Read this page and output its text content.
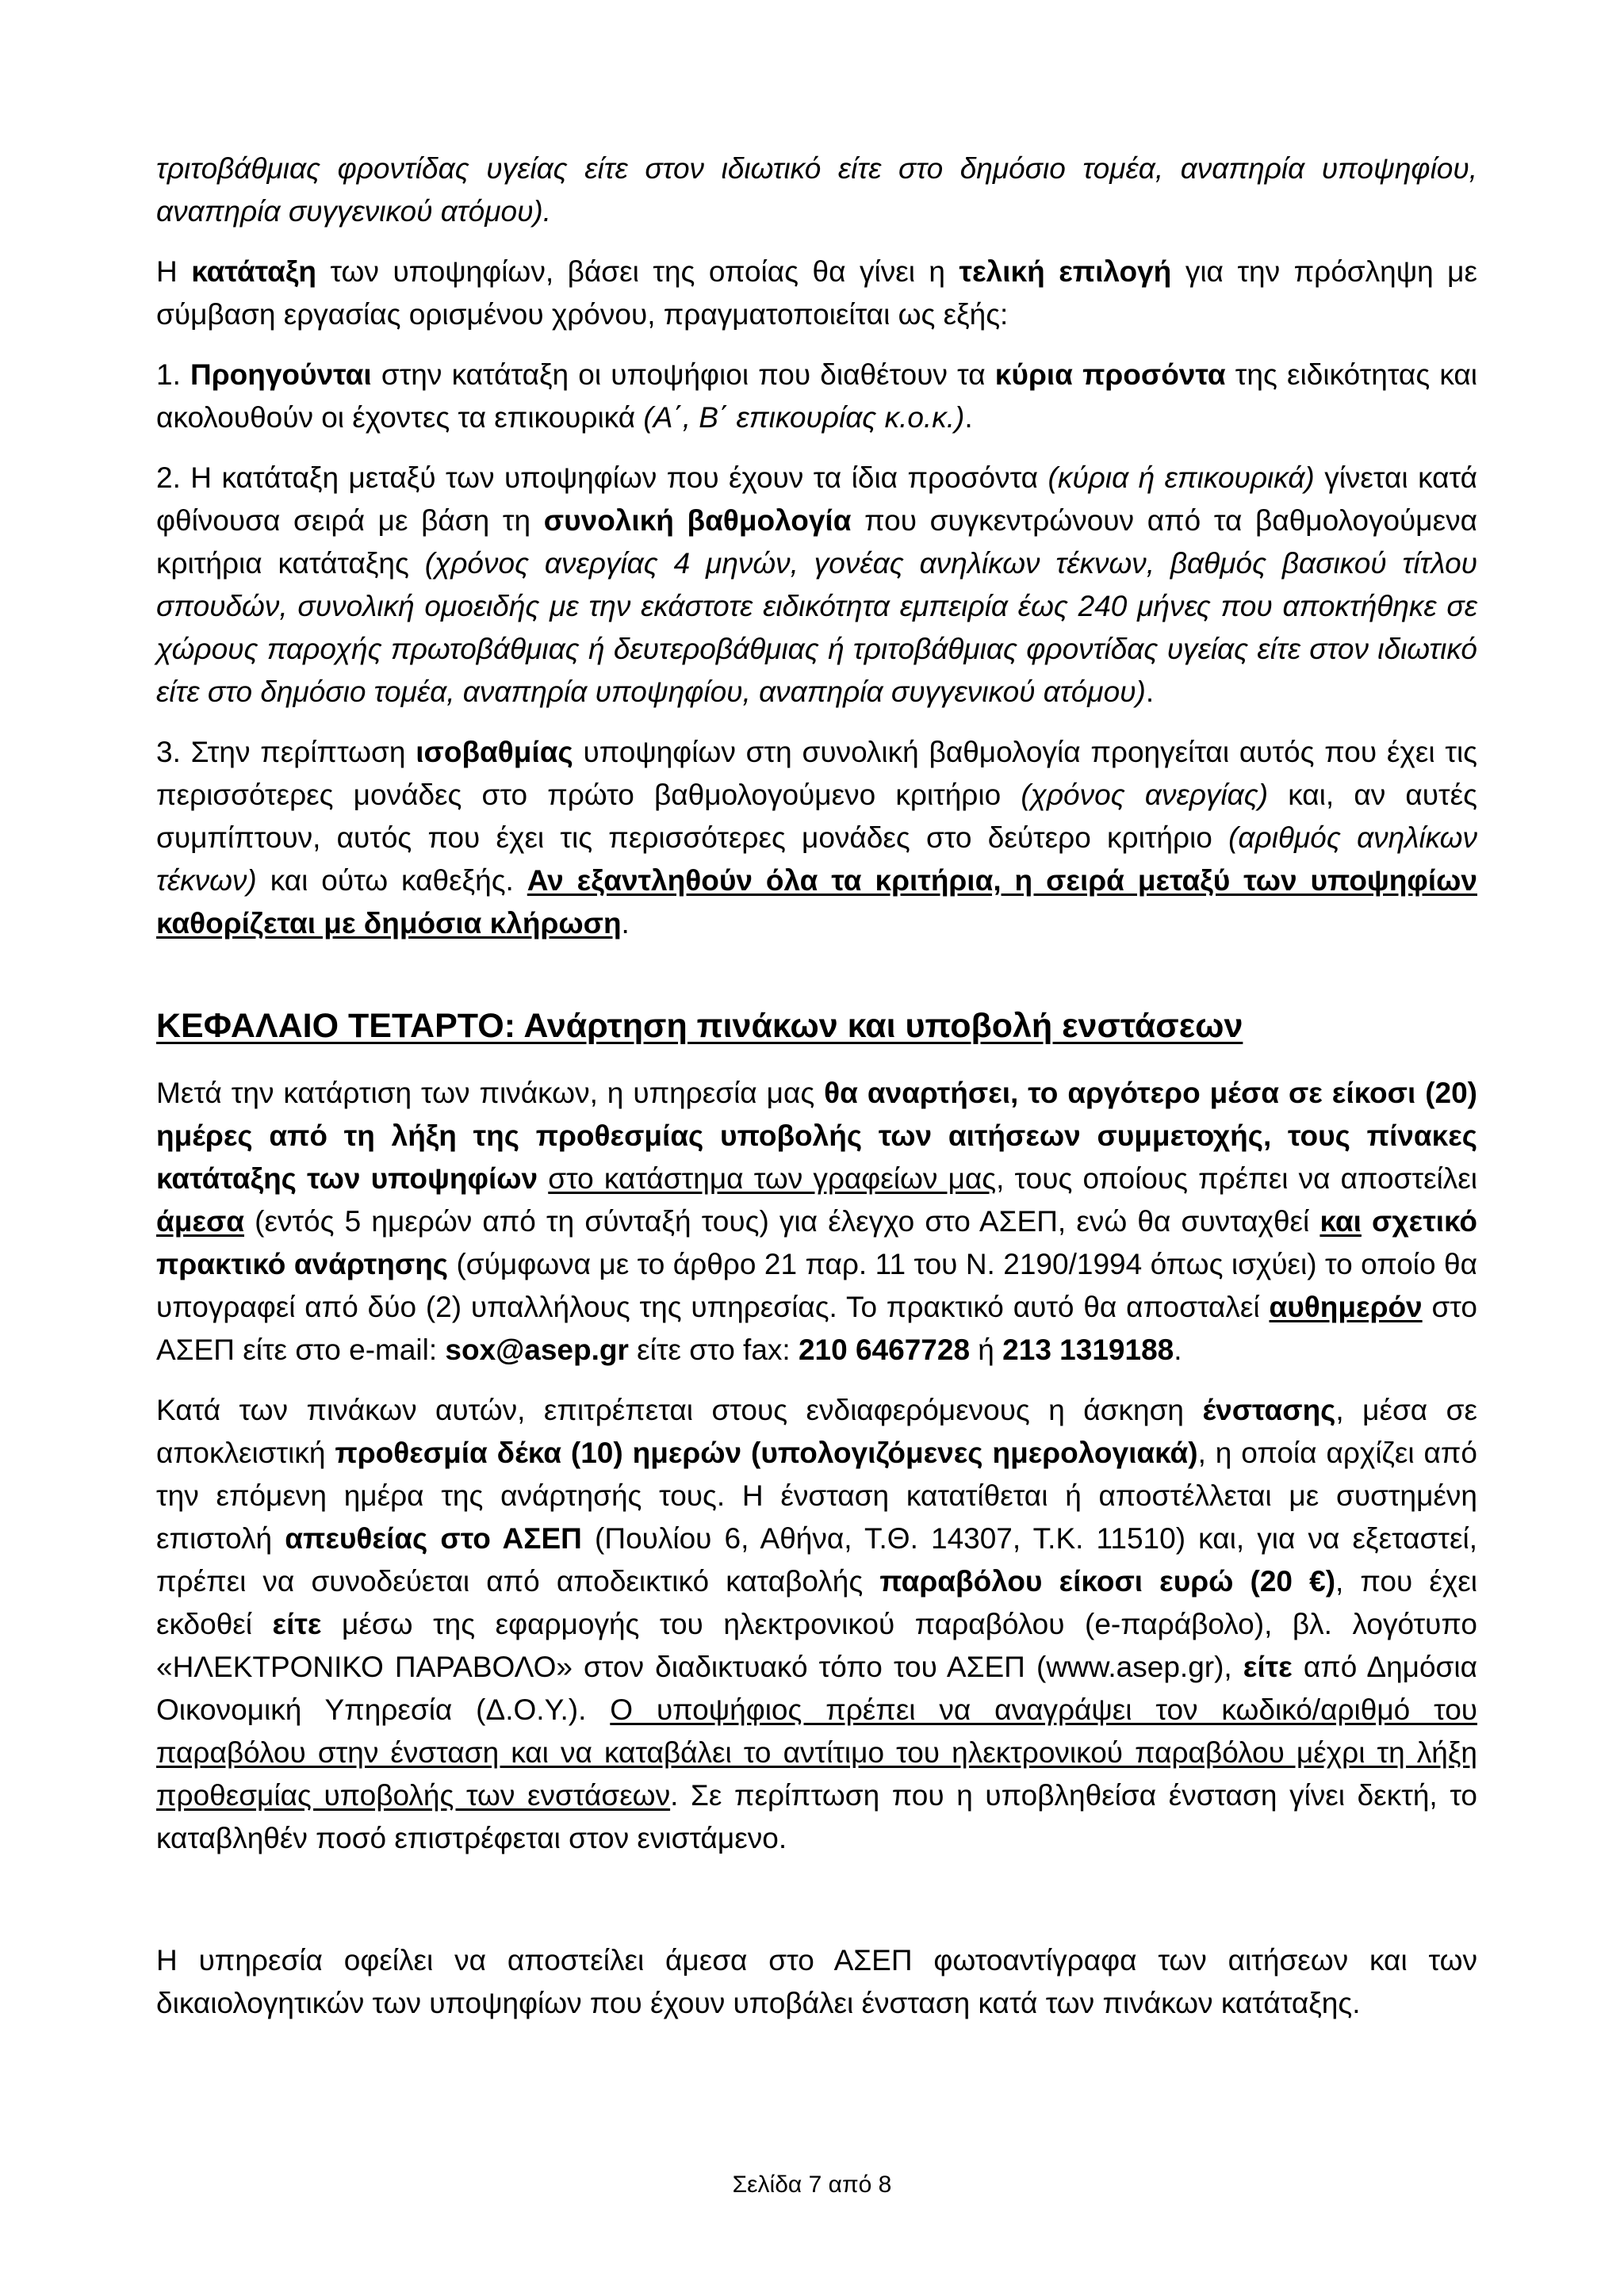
τριτοβάθμιας φροντίδας υγείας είτε στον ιδιωτικό είτε στο δημόσιο τομέα, αναπηρία υποψηφίου, αναπηρία συγγενικού ατόμου).

Η κατάταξη των υποψηφίων, βάσει της οποίας θα γίνει η τελική επιλογή για την πρόσληψη με σύμβαση εργασίας ορισμένου χρόνου, πραγματοποιείται ως εξής:

1. Προηγούνται στην κατάταξη οι υποψήφιοι που διαθέτουν τα κύρια προσόντα της ειδικότητας και ακολουθούν οι έχοντες τα επικουρικά (Α΄, Β΄ επικουρίας κ.ο.κ.).

2. Η κατάταξη μεταξύ των υποψηφίων που έχουν τα ίδια προσόντα (κύρια ή επικουρικά) γίνεται κατά φθίνουσα σειρά με βάση τη συνολική βαθμολογία που συγκεντρώνουν από τα βαθμολογούμενα κριτήρια κατάταξης (χρόνος ανεργίας 4 μηνών, γονέας ανηλίκων τέκνων, βαθμός βασικού τίτλου σπουδών, συνολική ομοειδής με την εκάστοτε ειδικότητα εμπειρία έως 240 μήνες που αποκτήθηκε σε χώρους παροχής πρωτοβάθμιας ή δευτεροβάθμιας ή τριτοβάθμιας φροντίδας υγείας είτε στον ιδιωτικό είτε στο δημόσιο τομέα, αναπηρία υποψηφίου, αναπηρία συγγενικού ατόμου).

3. Στην περίπτωση ισοβαθμίας υποψηφίων στη συνολική βαθμολογία προηγείται αυτός που έχει τις περισσότερες μονάδες στο πρώτο βαθμολογούμενο κριτήριο (χρόνος ανεργίας) και, αν αυτές συμπίπτουν, αυτός που έχει τις περισσότερες μονάδες στο δεύτερο κριτήριο (αριθμός ανηλίκων τέκνων) και ούτω καθεξής. Αν εξαντληθούν όλα τα κριτήρια, η σειρά μεταξύ των υποψηφίων καθορίζεται με δημόσια κλήρωση.

ΚΕΦΑΛΑΙΟ ΤΕΤΑΡΤΟ: Ανάρτηση πινάκων και υποβολή ενστάσεων

Μετά την κατάρτιση των πινάκων, η υπηρεσία μας θα αναρτήσει, το αργότερο μέσα σε είκοσι (20) ημέρες από τη λήξη της προθεσμίας υποβολής των αιτήσεων συμμετοχής, τους πίνακες κατάταξης των υποψηφίων στο κατάστημα των γραφείων μας, τους οποίους πρέπει να αποστείλει άμεσα (εντός 5 ημερών από τη σύνταξή τους) για έλεγχο στο ΑΣΕΠ, ενώ θα συνταχθεί και σχετικό πρακτικό ανάρτησης (σύμφωνα με το άρθρο 21 παρ. 11 του Ν. 2190/1994 όπως ισχύει) το οποίο θα υπογραφεί από δύο (2) υπαλλήλους της υπηρεσίας. Το πρακτικό αυτό θα αποσταλεί αυθημερόν στο ΑΣΕΠ είτε στο e-mail: sox@asep.gr είτε στο fax: 210 6467728 ή 213 1319188.

Κατά των πινάκων αυτών, επιτρέπεται στους ενδιαφερόμενους η άσκηση ένστασης, μέσα σε αποκλειστική προθεσμία δέκα (10) ημερών (υπολογιζόμενες ημερολογιακά), η οποία αρχίζει από την επόμενη ημέρα της ανάρτησής τους. Η ένσταση κατατίθεται ή αποστέλλεται με συστημένη επιστολή απευθείας στο ΑΣΕΠ (Πουλίου 6, Αθήνα, Τ.Θ. 14307, Τ.Κ. 11510) και, για να εξεταστεί, πρέπει να συνοδεύεται από αποδεικτικό καταβολής παραβόλου είκοσι ευρώ (20 €), που έχει εκδοθεί είτε μέσω της εφαρμογής του ηλεκτρονικού παραβόλου (e-παράβολο), βλ. λογότυπο «ΗΛΕΚΤΡΟΝΙΚΟ ΠΑΡΑΒΟΛΟ» στον διαδικτυακό τόπο του ΑΣΕΠ (www.asep.gr), είτε από Δημόσια Οικονομική Υπηρεσία (Δ.Ο.Υ.). Ο υποψήφιος πρέπει να αναγράψει τον κωδικό/αριθμό του παραβόλου στην ένσταση και να καταβάλει το αντίτιμο του ηλεκτρονικού παραβόλου μέχρι τη λήξη προθεσμίας υποβολής των ενστάσεων. Σε περίπτωση που η υποβληθείσα ένσταση γίνει δεκτή, το καταβληθέν ποσό επιστρέφεται στον ενιστάμενο.

Η υπηρεσία οφείλει να αποστείλει άμεσα στο ΑΣΕΠ φωτοαντίγραφα των αιτήσεων και των δικαιολογητικών των υποψηφίων που έχουν υποβάλει ένσταση κατά των πινάκων κατάταξης.

Σελίδα 7 από 8
